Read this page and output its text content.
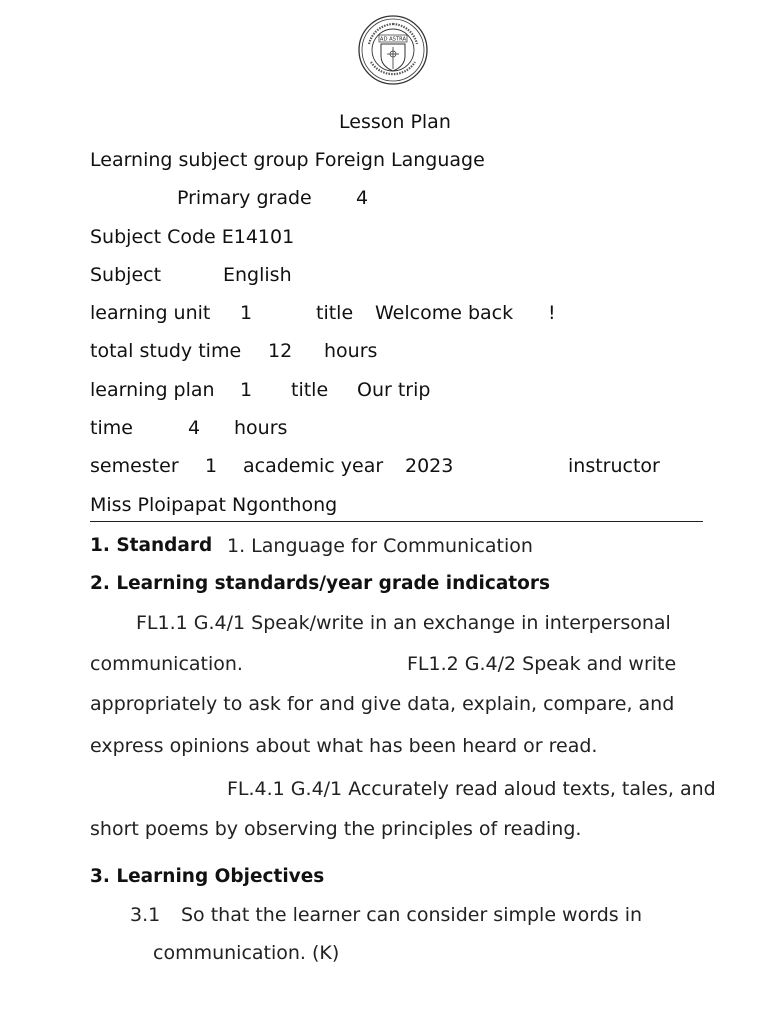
AD ASTRA
Lesson Plan
Learning subject group Foreign Language
Primary grade 4
Subject Code E14101
Subject	English
learning unit 1	title Welcome back !
total study time 12 hours
learning plan 1 title Our trip
time	4 hours
semester 1 academic year 2023	instructor
Miss Ploipapat Ngonthong
1. Standard 1. Language for Communication
2. Learning standards/year grade indicators
FL1.1 G.4/1 Speak/write in an exchange in interpersonal
communication.	FL1.2 G.4/2 Speak and write
appropriately to ask for and give data, explain, compare, and
express opinions about what has been heard or read.
FL.4.1 G.4/1 Accurately read aloud texts, tales, and
short poems by observing the principles of reading.
3. Learning Objectives
3.1 So that the learner can consider simple words in
communication. (K)
